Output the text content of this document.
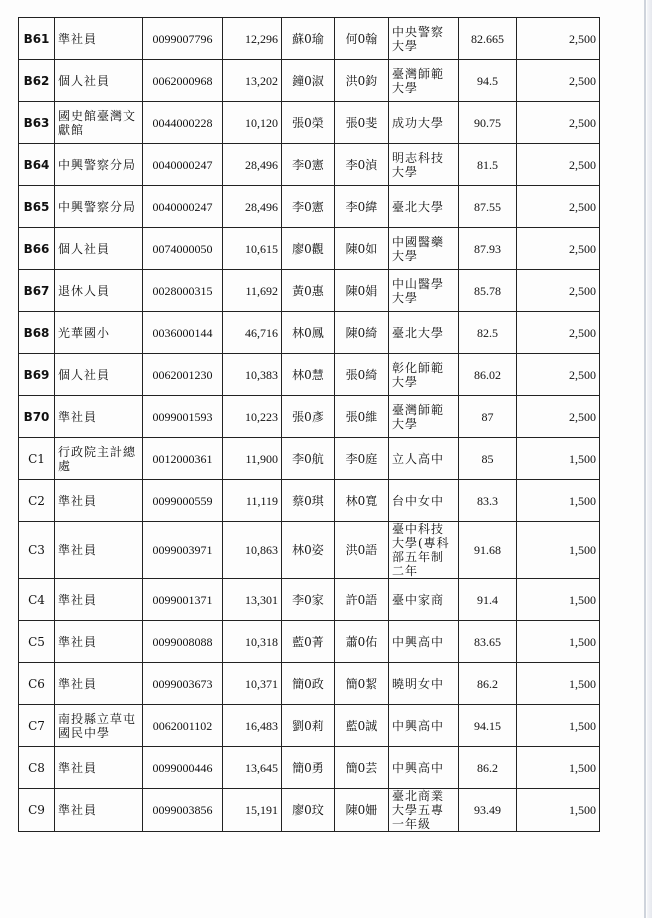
B61	準社員	0099007796	12,296	蘇0瑜	何0翰	中央警察大學	82.665	2,500
B62	個人社員	0062000968	13,202	鐘0淑	洪0鈞	臺灣師範大學	94.5	2,500
B63	國史館臺灣文獻館	0044000228	10,120	張0榮	張0斐	成功大學	90.75	2,500
B64	中興警察分局	0040000247	28,496	李0憲	李0湞	明志科技大學	81.5	2,500
B65	中興警察分局	0040000247	28,496	李0憲	李0緯	臺北大學	87.55	2,500
B66	個人社員	0074000050	10,615	廖0觀	陳0如	中國醫藥大學	87.93	2,500
B67	退休人員	0028000315	11,692	黃0惠	陳0娟	中山醫學大學	85.78	2,500
B68	光華國小	0036000144	46,716	林0鳳	陳0綺	臺北大學	82.5	2,500
B69	個人社員	0062001230	10,383	林0慧	張0綺	彰化師範大學	86.02	2,500
B70	準社員	0099001593	10,223	張0彥	張0維	臺灣師範大學	87	2,500
C1	行政院主計總處	0012000361	11,900	李0航	李0庭	立人高中	85	1,500
C2	準社員	0099000559	11,119	蔡0琪	林0寬	台中女中	83.3	1,500
C3	準社員	0099003971	10,863	林0姿	洪0語	臺中科技大學(專科部五年制二年	91.68	1,500
C4	準社員	0099001371	13,301	李0家	許0語	臺中家商	91.4	1,500
C5	準社員	0099008088	10,318	藍0菁	蕭0佑	中興高中	83.65	1,500
C6	準社員	0099003673	10,371	簡0政	簡0絜	曉明女中	86.2	1,500
C7	南投縣立草屯國民中學	0062001102	16,483	劉0莉	藍0誠	中興高中	94.15	1,500
C8	準社員	0099000446	13,645	簡0勇	簡0芸	中興高中	86.2	1,500
C9	準社員	0099003856	15,191	廖0玟	陳0姍	臺北商業大學五專一年級	93.49	1,500
